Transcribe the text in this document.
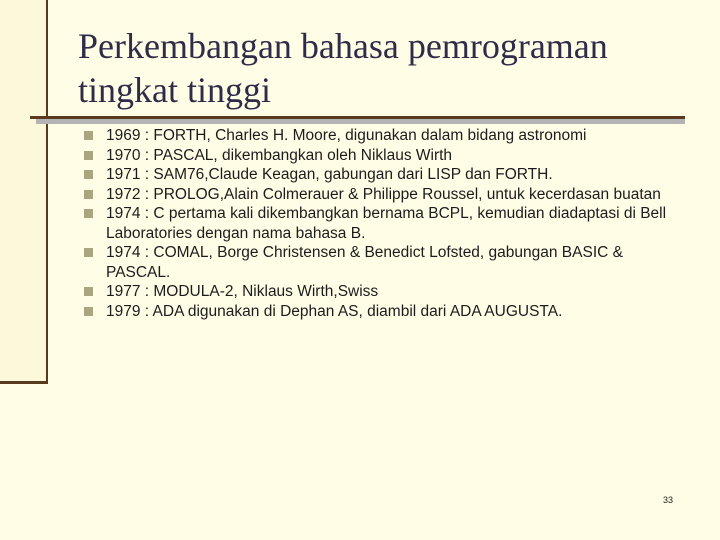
Perkembangan bahasa pemrograman tingkat tinggi
1969 : FORTH, Charles H. Moore, digunakan dalam bidang astronomi
1970 : PASCAL, dikembangkan oleh Niklaus Wirth
1971 : SAM76,Claude Keagan, gabungan dari LISP dan FORTH.
1972 : PROLOG,Alain Colmerauer & Philippe Roussel, untuk kecerdasan buatan
1974 : C pertama kali dikembangkan bernama BCPL, kemudian diadaptasi di Bell Laboratories dengan nama bahasa B.
1974 : COMAL, Borge Christensen & Benedict Lofsted, gabungan BASIC & PASCAL.
1977 : MODULA-2, Niklaus Wirth,Swiss
1979 : ADA digunakan di Dephan AS, diambil dari ADA AUGUSTA.
33
